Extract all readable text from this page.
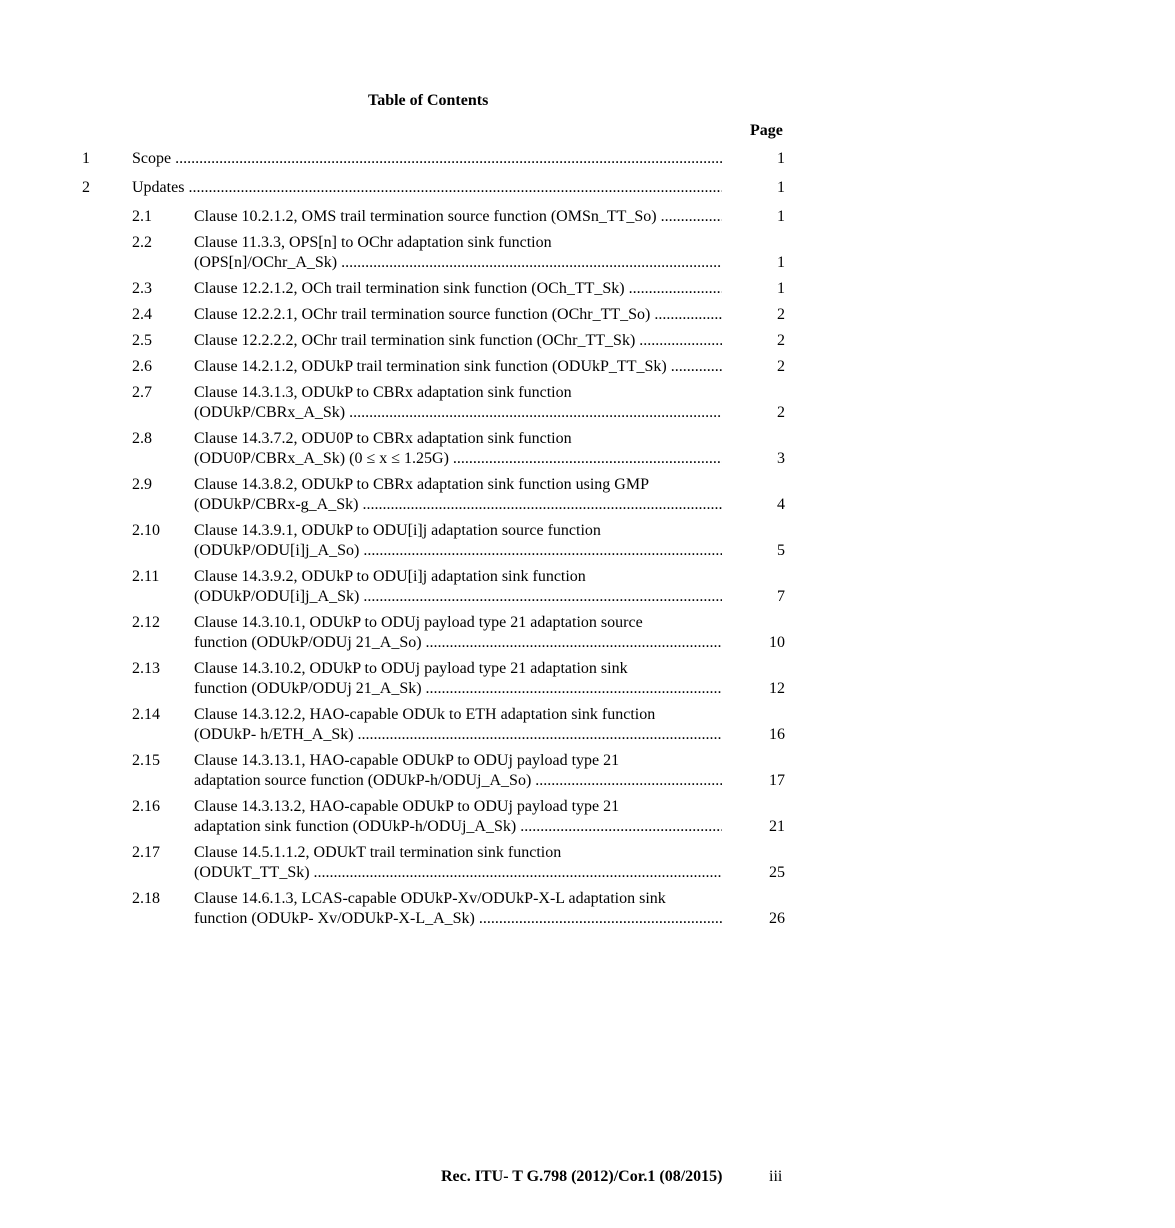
Table of Contents
Page
1	Scope .....	1
2	Updates .....	1
2.1	Clause 10.2.1.2, OMS trail termination source function (OMSn_TT_So) .....	1
2.2	Clause 11.3.3, OPS[n] to OChr adaptation sink function
(OPS[n]/OChr_A_Sk) .....	1
2.3	Clause 12.2.1.2, OCh trail termination sink function (OCh_TT_Sk) .....	1
2.4	Clause 12.2.2.1, OChr trail termination source function (OChr_TT_So) .....	2
2.5	Clause 12.2.2.2, OChr trail termination sink function (OChr_TT_Sk) .....	2
2.6	Clause 14.2.1.2, ODUkP trail termination sink function (ODUkP_TT_Sk) .....	2
2.7	Clause 14.3.1.3, ODUkP to CBRx adaptation sink function
(ODUkP/CBRx_A_Sk) .....	2
2.8	Clause 14.3.7.2, ODU0P to CBRx adaptation sink function
(ODU0P/CBRx_A_Sk) (0 ≤ x ≤ 1.25G) .....	3
2.9	Clause 14.3.8.2, ODUkP to CBRx adaptation sink function using GMP
(ODUkP/CBRx-g_A_Sk) .....	4
2.10 Clause 14.3.9.1, ODUkP to ODU[i]j adaptation source function
(ODUkP/ODU[i]j_A_So) .....	5
2.11 Clause 14.3.9.2, ODUkP to ODU[i]j adaptation sink function
(ODUkP/ODU[i]j_A_Sk) .....	7
2.12 Clause 14.3.10.1, ODUkP to ODUj payload type 21 adaptation source
function (ODUkP/ODUj 21_A_So) .....	10
2.13 Clause 14.3.10.2, ODUkP to ODUj payload type 21 adaptation sink
function (ODUkP/ODUj 21_A_Sk) .....	12
2.14 Clause 14.3.12.2, HAO-capable ODUk to ETH adaptation sink function
(ODUkP- h/ETH_A_Sk) .....	16
2.15 Clause 14.3.13.1, HAO-capable ODUkP to ODUj payload type 21
adaptation source function (ODUkP-h/ODUj_A_So) .....	17
2.16 Clause 14.3.13.2, HAO-capable ODUkP to ODUj payload type 21
adaptation sink function (ODUkP-h/ODUj_A_Sk) .....	21
2.17 Clause 14.5.1.1.2, ODUkT trail termination sink function
(ODUkT_TT_Sk) .....	25
2.18 Clause 14.6.1.3, LCAS-capable ODUkP-Xv/ODUkP-X-L adaptation sink
function (ODUkP- Xv/ODUkP-X-L_A_Sk) .....	26
Rec. ITU- T G.798 (2012)/Cor.1 (08/2015)	iii
